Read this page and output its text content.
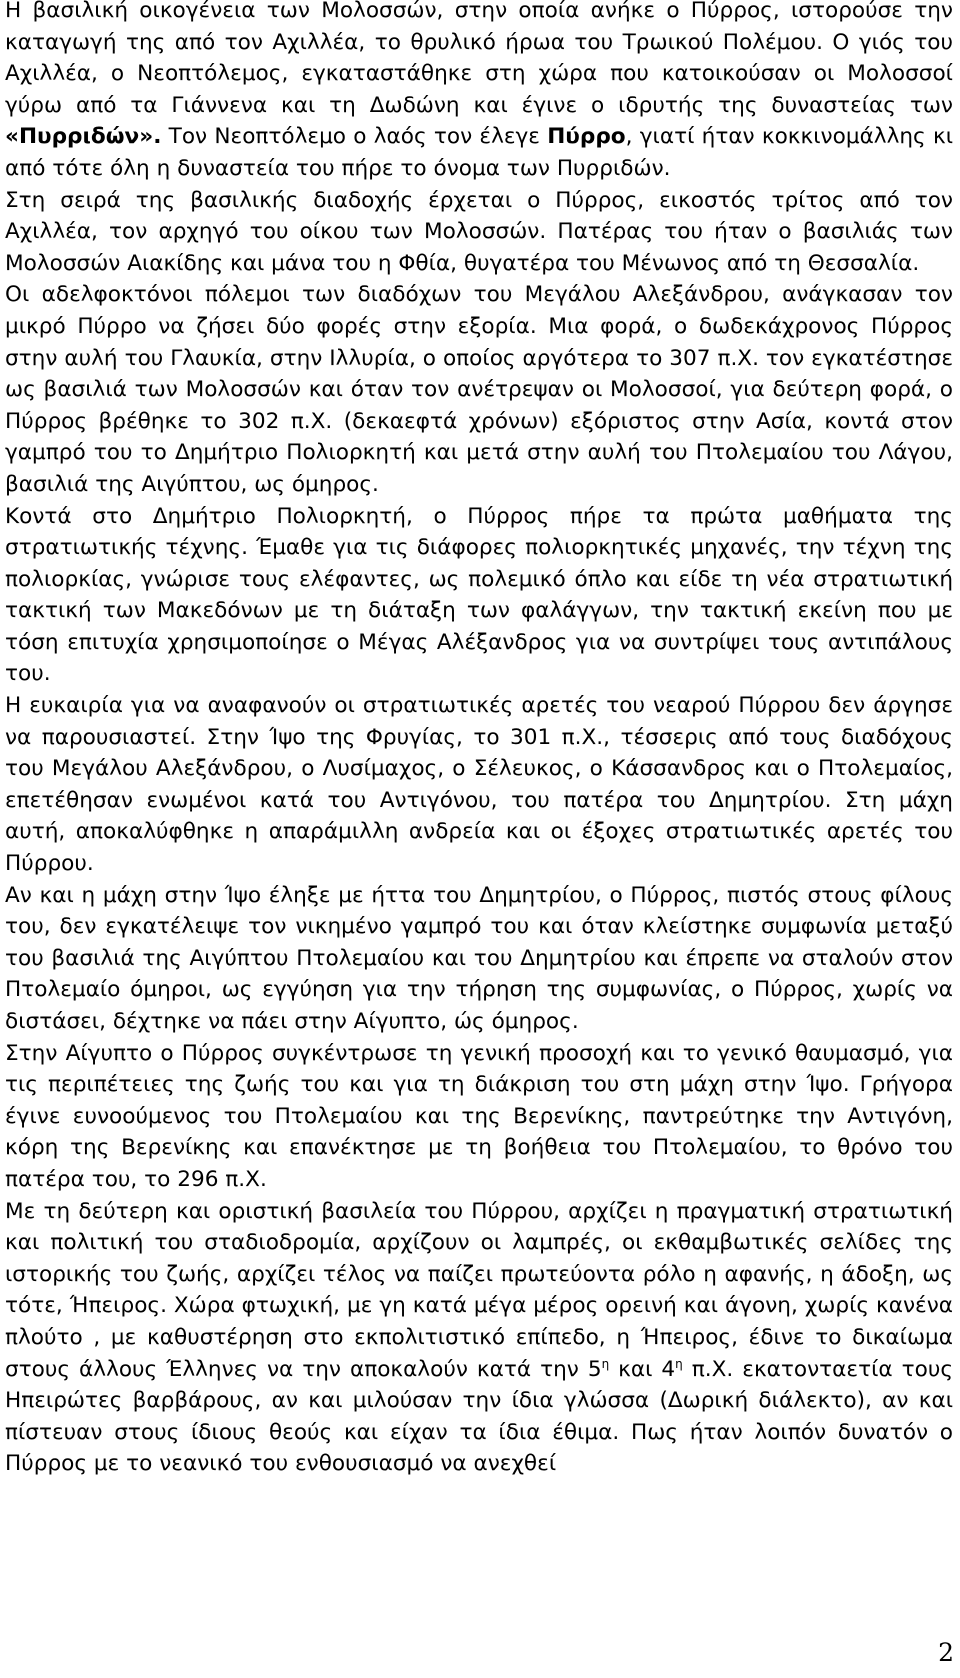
Η βασιλική οικογένεια των Μολοσσών, στην οποία ανήκε ο Πύρρος, ιστορούσε την καταγωγή της από τον Αχιλλέα, το θρυλικό ήρωα του Τρωικού Πολέμου. Ο γιός του Αχιλλέα, ο Νεοπτόλεμος, εγκαταστάθηκε στη χώρα που κατοικούσαν οι Μολοσσοί γύρω από τα Γιάννενα και τη Δωδώνη και έγινε ο ιδρυτής της δυναστείας των «Πυρριδών». Τον Νεοπτόλεμο ο λαός τον έλεγε Πύρρο, γιατί ήταν κοκκινομάλλης κι από τότε όλη η δυναστεία του πήρε το όνομα των Πυρριδών.

Στη σειρά της βασιλικής διαδοχής έρχεται ο Πύρρος, εικοστός τρίτος από τον Αχιλλέα, τον αρχηγό του οίκου των Μολοσσών. Πατέρας του ήταν ο βασιλιάς των Μολοσσών Αιακίδης και μάνα του η Φθία, θυγατέρα του Μένωνος από τη Θεσσαλία.

Οι αδελφοκτόνοι πόλεμοι των διαδόχων του Μεγάλου Αλεξάνδρου, ανάγκασαν τον μικρό Πύρρο να ζήσει δύο φορές στην εξορία. Μια φορά, ο δωδεκάχρονος Πύρρος στην αυλή του Γλαυκία, στην Ιλλυρία, ο οποίος αργότερα το 307 π.Χ. τον εγκατέστησε ως βασιλιά των Μολοσσών και όταν τον ανέτρεψαν οι Μολοσσοί, για δεύτερη φορά, ο Πύρρος βρέθηκε το 302 π.Χ. (δεκαεφτά χρόνων) εξόριστος στην Ασία, κοντά στον γαμπρό του το Δημήτριο Πολιορκητή και μετά στην αυλή του Πτολεμαίου του Λάγου, βασιλιά της Αιγύπτου, ως όμηρος.

Κοντά στο Δημήτριο Πολιορκητή, ο Πύρρος πήρε τα πρώτα μαθήματα της στρατιωτικής τέχνης. Έμαθε για τις διάφορες πολιορκητικές μηχανές, την τέχνη της πολιορκίας, γνώρισε τους ελέφαντες, ως πολεμικό όπλο και είδε τη νέα στρατιωτική τακτική των Μακεδόνων με τη διάταξη των φαλάγγων, την τακτική εκείνη που με τόση επιτυχία χρησιμοποίησε ο Μέγας Αλέξανδρος για να συντρίψει τους αντιπάλους του.

Η ευκαιρία για να αναφανούν οι στρατιωτικές αρετές του νεαρού Πύρρου δεν άργησε να παρουσιαστεί. Στην Ίψο της Φρυγίας, το 301 π.Χ., τέσσερις από τους διαδόχους του Μεγάλου Αλεξάνδρου, ο Λυσίμαχος, ο Σέλευκος, ο Κάσσανδρος και ο Πτολεμαίος, επετέθησαν ενωμένοι κατά του Αντιγόνου, του πατέρα του Δημητρίου. Στη μάχη αυτή, αποκαλύφθηκε η απαράμιλλη ανδρεία και οι έξοχες στρατιωτικές αρετές του Πύρρου.

Αν και η μάχη στην Ίψο έληξε με ήττα του Δημητρίου, ο Πύρρος, πιστός στους φίλους του, δεν εγκατέλειψε τον νικημένο γαμπρό του και όταν κλείστηκε συμφωνία μεταξύ του βασιλιά της Αιγύπτου Πτολεμαίου και του Δημητρίου και έπρεπε να σταλούν στον Πτολεμαίο όμηροι, ως εγγύηση για την τήρηση της συμφωνίας, ο Πύρρος, χωρίς να διστάσει, δέχτηκε να πάει στην Αίγυπτο, ώς όμηρος.

Στην Αίγυπτο ο Πύρρος συγκέντρωσε τη γενική προσοχή και το γενικό θαυμασμό, για τις περιπέτειες της ζωής του και για τη διάκριση του στη μάχη στην Ίψο. Γρήγορα έγινε ευνοούμενος του Πτολεμαίου και της Βερενίκης, παντρεύτηκε την Αντιγόνη, κόρη της Βερενίκης και επανέκτησε με τη βοήθεια του Πτολεμαίου, το θρόνο του πατέρα του, το 296 π.Χ.

Με τη δεύτερη και οριστική βασιλεία του Πύρρου, αρχίζει η πραγματική στρατιωτική και πολιτική του σταδιοδρομία, αρχίζουν οι λαμπρές, οι εκθαμβωτικές σελίδες της ιστορικής του ζωής, αρχίζει τέλος να παίζει πρωτεύοντα ρόλο η αφανής, η άδοξη, ως τότε, Ήπειρος. Χώρα φτωχική, με γη κατά μέγα μέρος ορεινή και άγονη, χωρίς κανένα πλούτο , με καθυστέρηση στο εκπολιτιστικό επίπεδο, η Ήπειρος, έδινε το δικαίωμα στους άλλους Έλληνες να την αποκαλούν κατά την $5^\eta$ και $4^\eta$ π.Χ. εκατονταετία τους Ηπειρώτες βαρβάρους, αν και μιλούσαν την ίδια γλώσσα (Δωρική διάλεκτο), αν και πίστευαν στους ίδιους θεούς και είχαν τα ίδια έθιμα. Πως ήταν λοιπόν δυνατόν ο Πύρρος με το νεανικό του ενθουσιασμό να ανεχθεί

2
